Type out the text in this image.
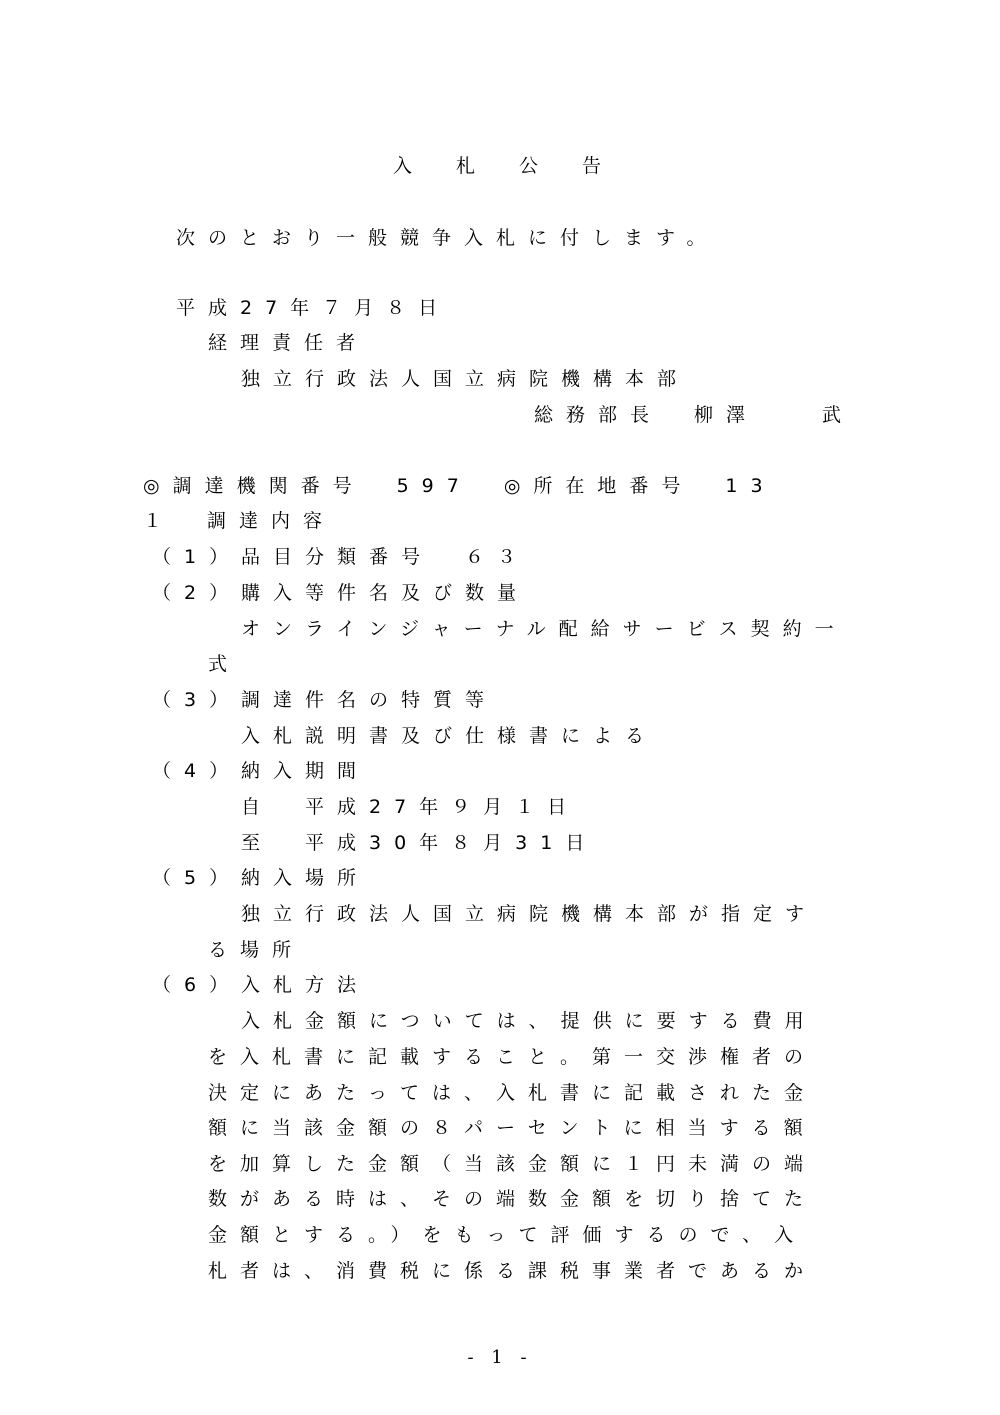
入札公告

次のとおり一般競争入札に付します。

平成27年７月８日

経理責任者

独立行政法人国立病院機構本部

総務部長　柳澤　　武

◎調達機関番号　597　◎所在地番号　13

１　調達内容

（1） 品目分類番号　６３

（2） 購入等件名及び数量

オンラインジャーナル配給サービス契約一

式

（3） 調達件名の特質等

入札説明書及び仕様書による

（4） 納入期間

自　平成27年９月１日

至　平成30年８月31日

（5） 納入場所

独立行政法人国立病院機構本部が指定す

る場所

（6） 入札方法

入札金額については、提供に要する費用

を入札書に記載すること。第一交渉権者の

決定にあたっては、入札書に記載された金

額に当該金額の８パーセントに相当する額

を加算した金額（当該金額に１円未満の端

数がある時は、その端数金額を切り捨てた

金額とする。）をもって評価するので、入

札者は、消費税に係る課税事業者であるか

- 1 -
